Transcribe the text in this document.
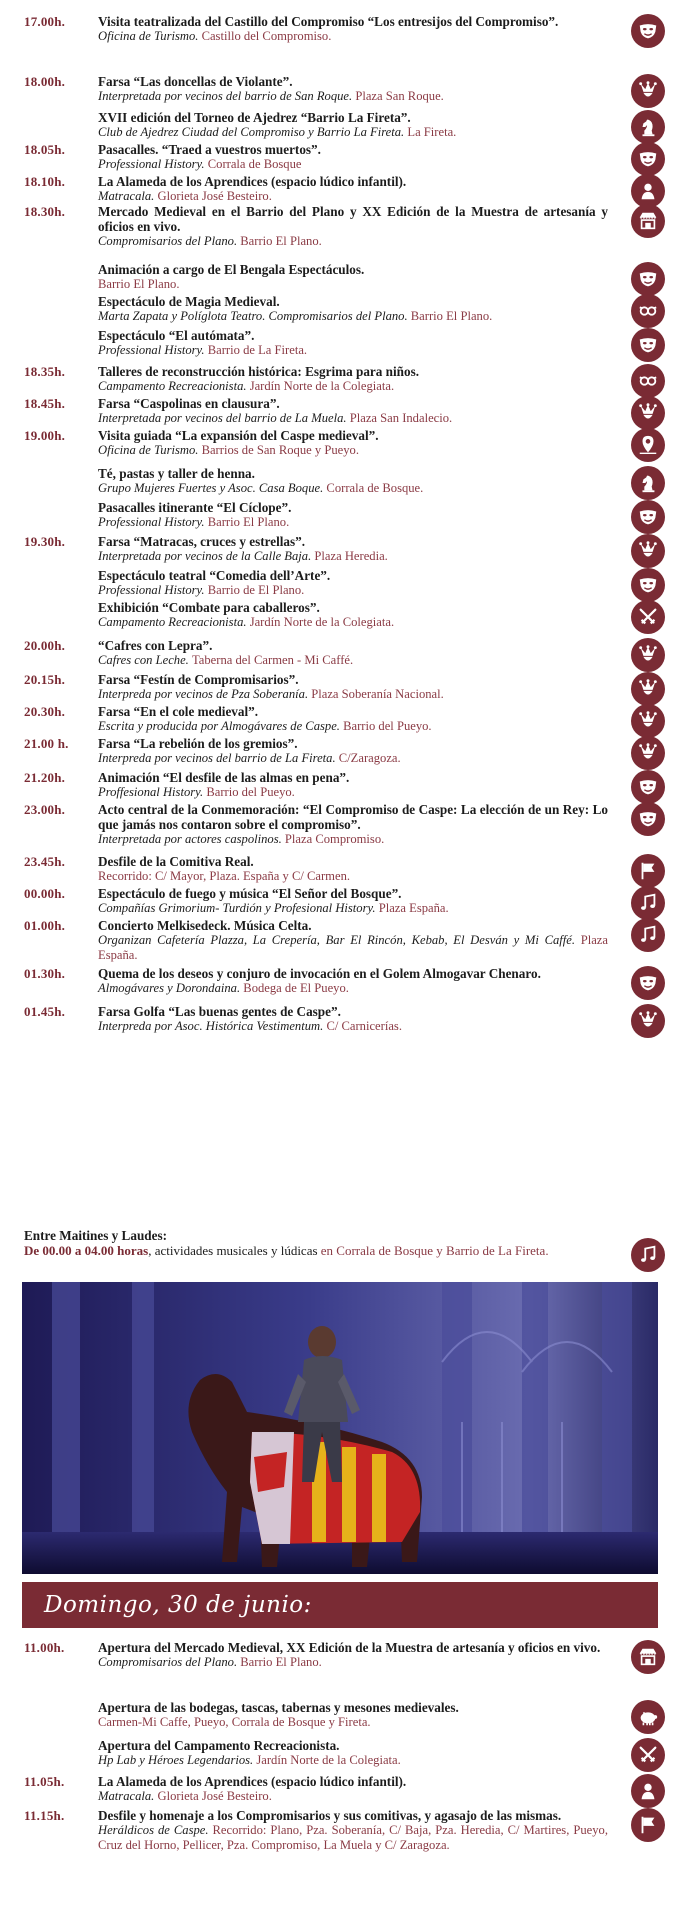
17.00h. Visita teatralizada del Castillo del Compromiso “Los entresijos del Compromiso”.
Oficina de Turismo. Castillo del Compromiso.
18.00h. Farsa “Las doncellas de Violante”.
Interpretada por vecinos del barrio de San Roque. Plaza San Roque.
XVII edición del Torneo de Ajedrez “Barrio La Fireta”.
Club de Ajedrez Ciudad del Compromiso y Barrio La Fireta. La Fireta.
18.05h. Pasacalles. “Traed a vuestros muertos”.
Professional History. Corrala de Bosque
18.10h. La Alameda de los Aprendices (espacio lúdico infantil).
Matracala. Glorieta José Besteiro.
18.30h. Mercado Medieval en el Barrio del Plano y XX Edición de la Muestra de artesanía y oficios en vivo.
Compromisarios del Plano. Barrio El Plano.
Animación a cargo de El Bengala Espectáculos.
Barrio El Plano.
Espectáculo de Magia Medieval.
Marta Zapata y Políglota Teatro. Compromisarios del Plano. Barrio El Plano.
Espectáculo “El autómata”.
Professional History. Barrio de La Fireta.
18.35h. Talleres de reconstrucción histórica: Esgrima para niños.
Campamento Recreacionista. Jardín Norte de la Colegiata.
18.45h. Farsa “Caspolinas en clausura”.
Interpretada por vecinos del barrio de La Muela. Plaza San Indalecio.
19.00h. Visita guiada “La expansión del Caspe medieval”.
Oficina de Turismo. Barrios de San Roque y Pueyo.
Té, pastas y taller de henna.
Grupo Mujeres Fuertes y Asoc. Casa Boque. Corrala de Bosque.
Pasacalles itinerante “El Cíclope”.
Professional History. Barrio El Plano.
19.30h. Farsa “Matracas, cruces y estrellas”.
Interpretada por vecinos de la Calle Baja. Plaza Heredia.
Espectáculo teatral “Comedia dell’Arte”.
Professional History. Barrio de El Plano.
Exhibición “Combate para caballeros”.
Campamento Recreacionista. Jardín Norte de la Colegiata.
20.00h. “Cafres con Lepra”.
Cafres con Leche. Taberna del Carmen - Mi Caffé.
20.15h. Farsa “Festín de Compromisarios”.
Interpreda por vecinos de Pza Soberanía. Plaza Soberanía Nacional.
20.30h. Farsa “En el cole medieval”.
Escrita y producida por Almogávares de Caspe. Barrio del Pueyo.
21.00 h. Farsa “La rebelión de los gremios”.
Interpreda por vecinos del barrio de La Fireta. C/Zaragoza.
21.20h. Animación “El desfile de las almas en pena”.
Proffesional History. Barrio del Pueyo.
23.00h. Acto central de la Conmemoración: “El Compromiso de Caspe: La elección de un Rey: Lo que jamás nos contaron sobre el compromiso”.
Interpretada por actores caspolinos. Plaza Compromiso.
23.45h. Desfile de la Comitiva Real.
Recorrido: C/ Mayor, Plaza. España y C/ Carmen.
00.00h. Espectáculo de fuego y música “El Señor del Bosque”.
Compañías Grimorium- Turdión y Profesional History. Plaza España.
01.00h. Concierto Melkisedeck. Música Celta.
Organizan Cafetería Plazza, La Crepería, Bar El Rincón, Kebab, El Desván y Mi Caffé. Plaza España.
01.30h. Quema de los deseos y conjuro de invocación en el Golem Almogavar Chenaro.
Almogávares y Dorondaina. Bodega de El Pueyo.
01.45h. Farsa Golfa “Las buenas gentes de Caspe”.
Interpreda por Asoc. Histórica Vestimentum. C/ Carnicerías.
11.00h.	Apertura del Mercado Medieval, XX Edición de la Muestra de artesanía y oficios en vivo.
Compromisarios del Plano. Barrio El Plano.
Apertura de las bodegas, tascas, tabernas y mesones medievales.
Carmen-Mi Caffe, Pueyo, Corrala de Bosque y Fireta.
Apertura del Campamento Recreacionista.
Hp Lab y Héroes Legendarios. Jardín Norte de la Colegiata.
11.05h.	La Alameda de los Aprendices (espacio lúdico infantil).
Matracala. Glorieta José Besteiro.
11.15h.	Desfile y homenaje a los Compromisarios y sus comitivas, y agasajo de las mismas.
Heráldicos de Caspe. Recorrido: Plano, Pza. Soberanía, C/ Baja, Pza. Heredia, C/ Martires, Pueyo, Cruz del Horno, Pellicer, Pza. Compromiso, La Muela y C/ Zaragoza.
Entre Maitines y Laudes:
De 00.00 a 04.00 horas, actividades musicales y lúdicas en Corrala de Bosque y Barrio de La Fireta.
Domingo, 30 de junio:
